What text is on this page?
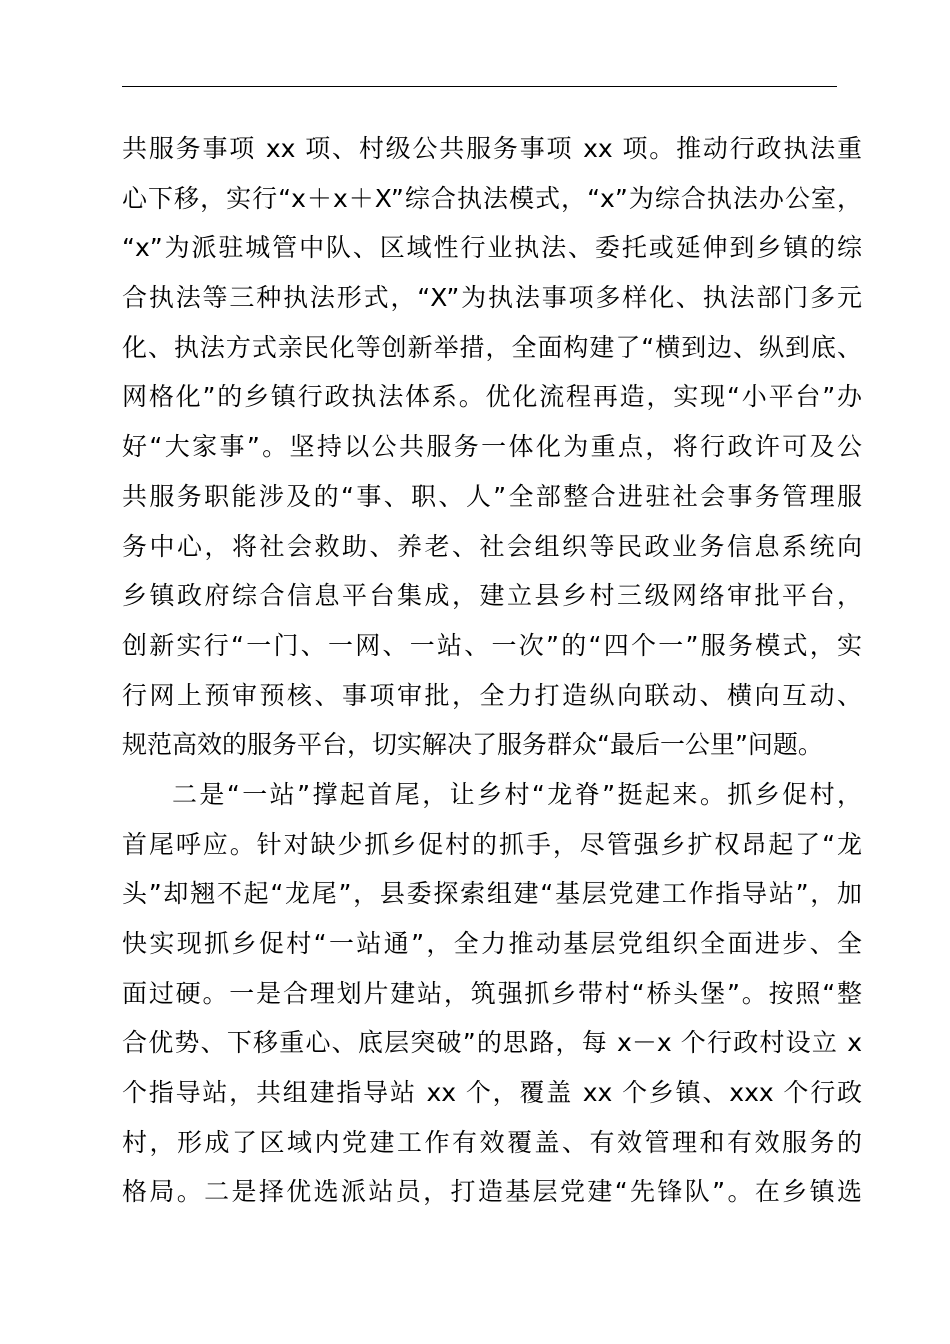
共服务事项 xx 项、村级公共服务事项 xx 项。推动行政执法重
心下移，实行“x＋x＋X”综合执法模式，“x”为综合执法办公室，
“x”为派驻城管中队、区域性行业执法、委托或延伸到乡镇的综
合执法等三种执法形式，“X”为执法事项多样化、执法部门多元
化、执法方式亲民化等创新举措，全面构建了“横到边、纵到底、
网格化”的乡镇行政执法体系。优化流程再造，实现“小平台”办
好“大家事”。坚持以公共服务一体化为重点，将行政许可及公
共服务职能涉及的“事、职、人”全部整合进驻社会事务管理服
务中心，将社会救助、养老、社会组织等民政业务信息系统向
乡镇政府综合信息平台集成，建立县乡村三级网络审批平台，
创新实行“一门、一网、一站、一次”的“四个一”服务模式，实
行网上预审预核、事项审批，全力打造纵向联动、横向互动、
规范高效的服务平台，切实解决了服务群众“最后一公里”问题。
二是“一站”撑起首尾，让乡村“龙脊”挺起来。抓乡促村，
首尾呼应。针对缺少抓乡促村的抓手，尽管强乡扩权昂起了“龙
头”却翘不起“龙尾”，县委探索组建“基层党建工作指导站”，加
快实现抓乡促村“一站通”，全力推动基层党组织全面进步、全
面过硬。一是合理划片建站，筑强抓乡带村“桥头堡”。按照“整
合优势、下移重心、底层突破”的思路，每 x－x 个行政村设立 x
个指导站，共组建指导站 xx 个，覆盖 xx 个乡镇、xxx 个行政
村，形成了区域内党建工作有效覆盖、有效管理和有效服务的
格局。二是择优选派站员，打造基层党建“先锋队”。在乡镇选
